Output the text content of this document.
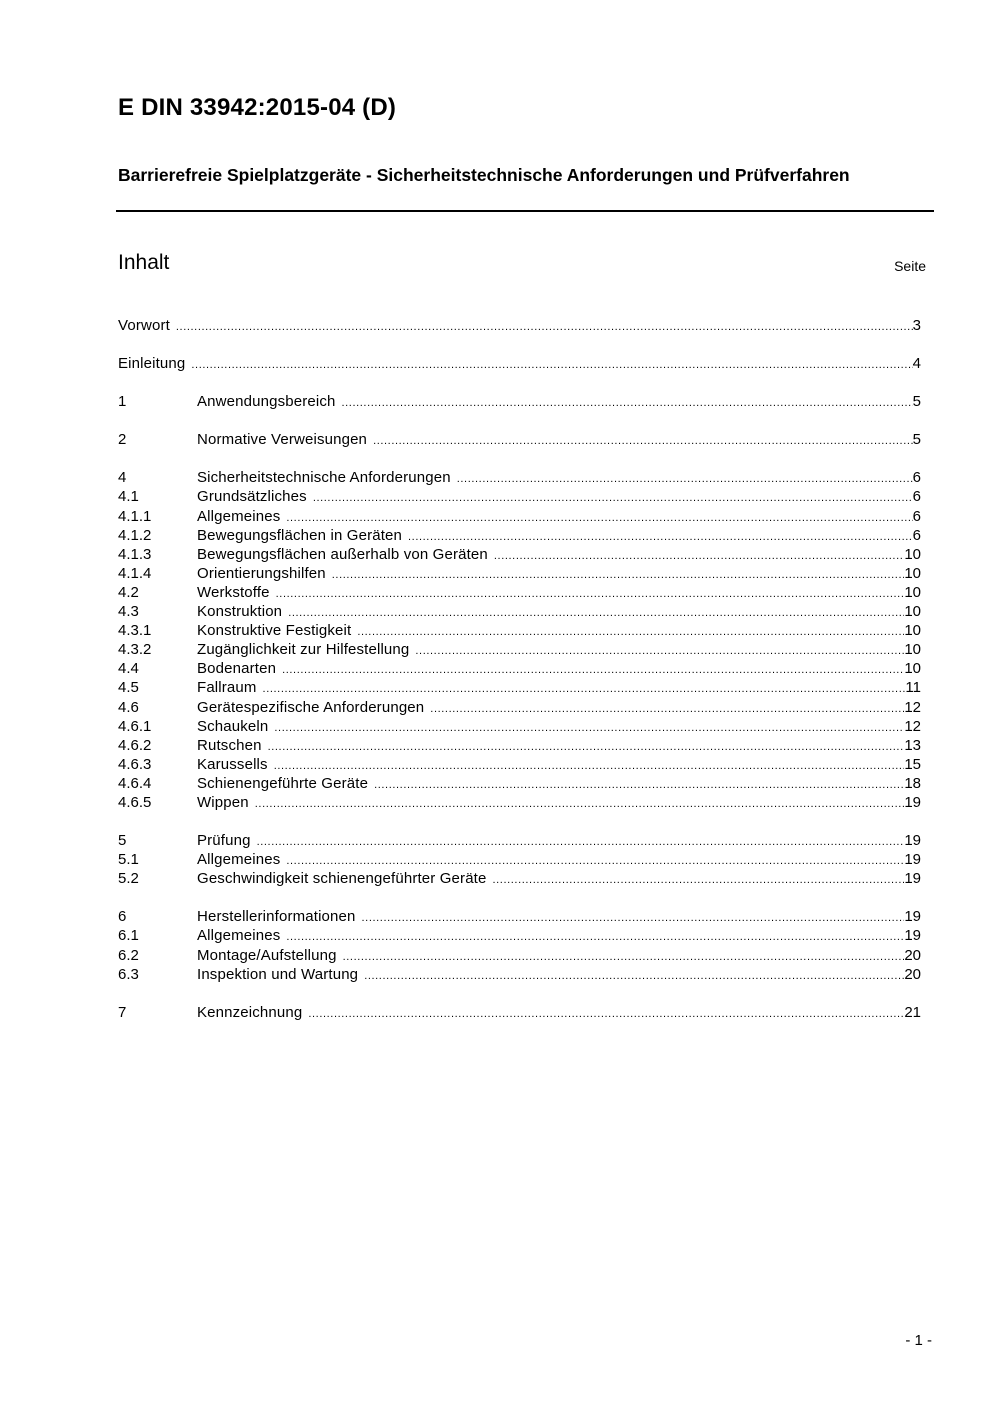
E DIN 33942:2015-04 (D)
Barrierefreie Spielplatzgeräte - Sicherheitstechnische Anforderungen und Prüfverfahren
Inhalt	Seite
Vorwort .....	3
Einleitung .....	4
1	Anwendungsbereich .....	5
2	Normative Verweisungen .....	5
4	Sicherheitstechnische Anforderungen .....	6
4.1	Grundsätzliches .....	6
4.1.1	Allgemeines .....	6
4.1.2	Bewegungsflächen in Geräten .....	6
4.1.3	Bewegungsflächen außerhalb von Geräten .....	10
4.1.4	Orientierungshilfen .....	10
4.2	Werkstoffe .....	10
4.3	Konstruktion .....	10
4.3.1	Konstruktive Festigkeit .....	10
4.3.2	Zugänglichkeit zur Hilfestellung .....	10
4.4	Bodenarten .....	10
4.5	Fallraum .....	11
4.6	Gerätespezifische Anforderungen .....	12
4.6.1	Schaukeln .....	12
4.6.2	Rutschen .....	13
4.6.3	Karussells .....	15
4.6.4	Schienengeführte Geräte .....	18
4.6.5	Wippen .....	19
5	Prüfung .....	19
5.1	Allgemeines .....	19
5.2	Geschwindigkeit schienengeführter Geräte .....	19
6	Herstellerinformationen .....	19
6.1	Allgemeines .....	19
6.2	Montage/Aufstellung .....	20
6.3	Inspektion und Wartung .....	20
7	Kennzeichnung .....	21
- 1 -
